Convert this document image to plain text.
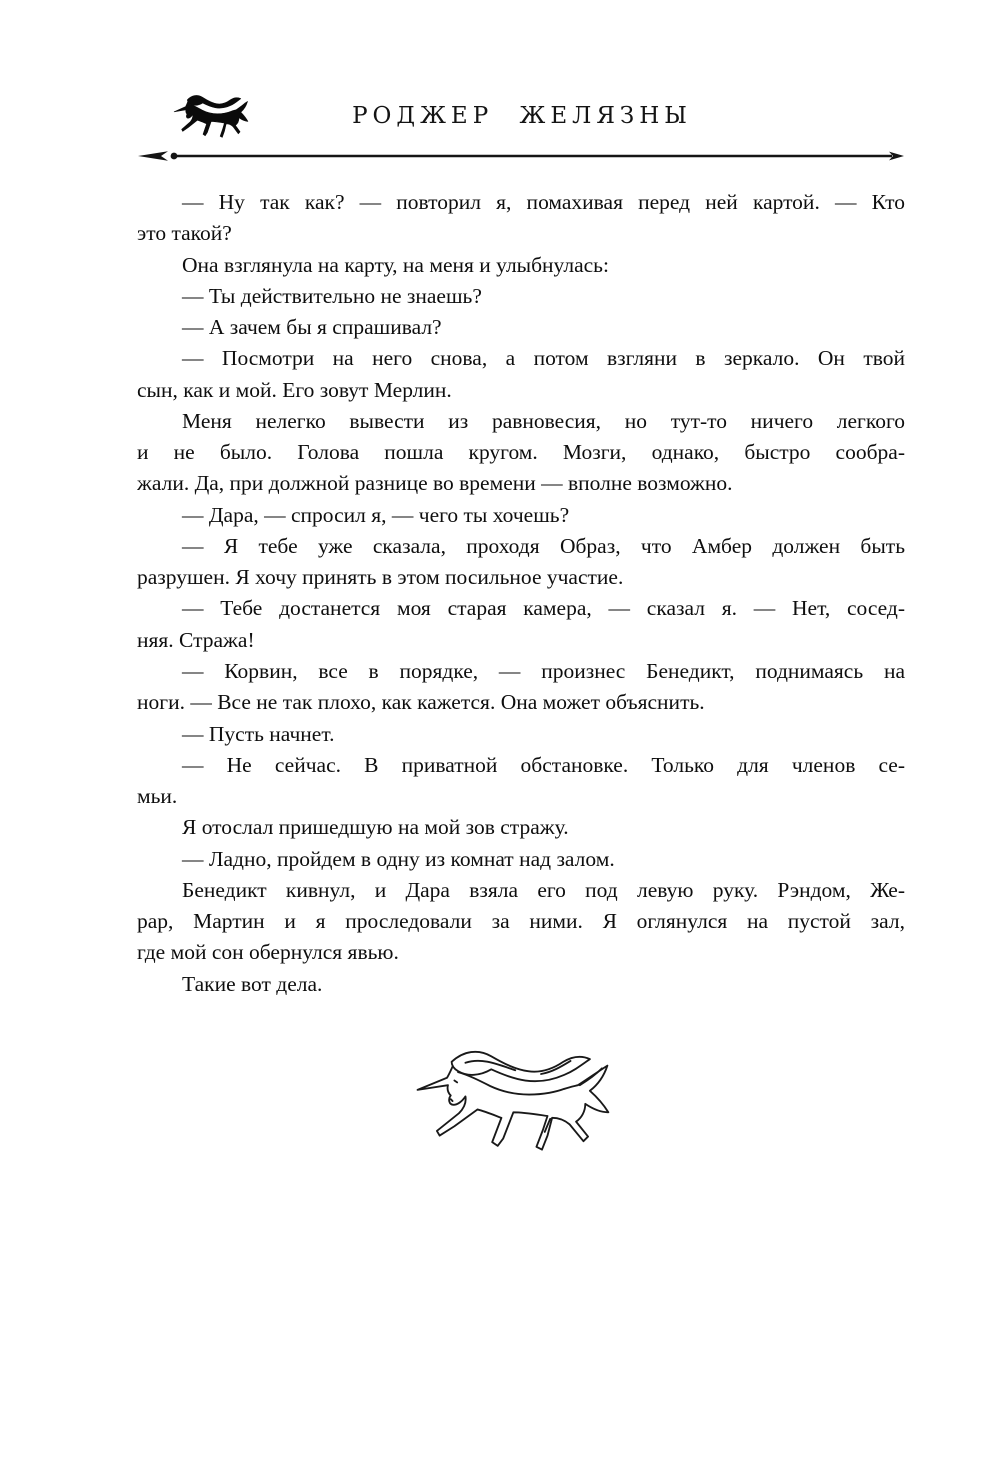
РОДЖЕР ЖЕЛЯЗНЫ
— Ну так как? — повторил я, помахивая перед ней картой. — Кто
это такой?
Она взглянула на карту, на меня и улыбнулась:
— Ты действительно не знаешь?
— А зачем бы я спрашивал?
— Посмотри на него снова, а потом взгляни в зеркало. Он твой
сын, как и мой. Его зовут Мерлин.
Меня нелегко вывести из равновесия, но тут-то ничего легкого
и не было. Голова пошла кругом. Мозги, однако, быстро сообра-
жали. Да, при должной разнице во времени — вполне возможно.
— Дара, — спросил я, — чего ты хочешь?
— Я тебе уже сказала, проходя Образ, что Амбер должен быть
разрушен. Я хочу принять в этом посильное участие.
— Тебе достанется моя старая камера, — сказал я. — Нет, сосед-
няя. Стража!
— Корвин, все в порядке, — произнес Бенедикт, поднимаясь на
ноги. — Все не так плохо, как кажется. Она может объяснить.
— Пусть начнет.
— Не сейчас. В приватной обстановке. Только для членов се-
мьи.
Я отослал пришедшую на мой зов стражу.
— Ладно, пройдем в одну из комнат над залом.
Бенедикт кивнул, и Дара взяла его под левую руку. Рэндом, Же-
рар, Мартин и я проследовали за ними. Я оглянулся на пустой зал,
где мой сон обернулся явью.
Такие вот дела.
